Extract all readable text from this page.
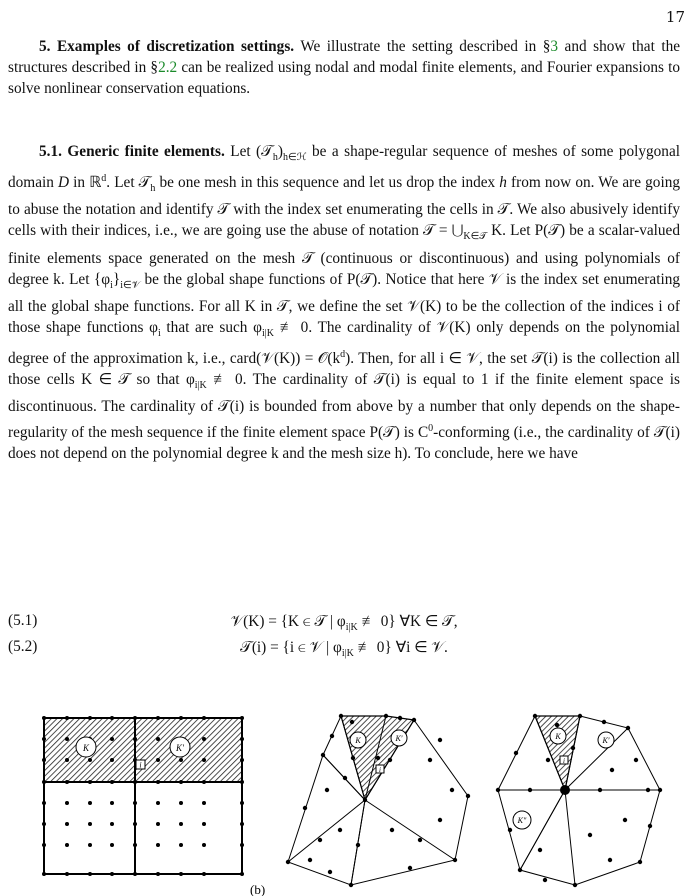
17

5. Examples of discretization settings. We illustrate the setting described in §3 and show that the structures described in §2.2 can be realized using nodal and modal finite elements, and Fourier expansions to solve nonlinear conservation equations.

5.1. Generic finite elements. Let $(𝒯_h)_{h\in ℋ}$ be a shape-regular sequence of meshes of some polygonal domain D in ℝ$^d$. Let 𝒯$_h$ be one mesh in this sequence and let us drop the index h from now on. We are going to abuse the notation and identify 𝒯 with the index set enumerating the cells in 𝒯. We also abusively identify cells with their indices, i.e., we are going use the abuse of notation 𝒯 = $⋃_{K\in 𝒯}$ K. Let P(𝒯) be a scalar-valued finite elements space generated on the mesh 𝒯 (continuous or discontinuous) and using polynomials of degree k. Let $\{\varphi_i\}_{i\in 𝒱}$ be the global shape functions of P(𝒯). Notice that here 𝒱 is the index set enumerating all the global shape functions. For all K in 𝒯, we define the set 𝒱(K) to be the collection of the indices i of those shape functions $\varphi_i$ that are such $\varphi_{i|K}$ ≢ 0. The cardinality of 𝒱(K) only depends on the polynomial degree of the approximation k, i.e., card(𝒱(K)) = $𝒪(k^d)$. Then, for all i ∈ 𝒱, the set 𝒯(i) is the collection all those cells K ∈ 𝒯 so that $\varphi_{i|K}$ ≢ 0. The cardinality of 𝒯(i) is equal to 1 if the finite element space is discontinuous. The cardinality of 𝒯(i) is bounded from above by a number that only depends on the shape-regularity of the mesh sequence if the finite element space P(𝒯) is $C^0$-conforming (i.e., the cardinality of 𝒯(i) does not depend on the polynomial degree k and the mesh size h). To conclude, here we have

(5.1)	𝒱(K) = {K ∈ 𝒯 | $\varphi_{i|K}$ ≢ 0} ∀K ∈ 𝒯,
(5.2)	𝒯(i) = {i ∈ 𝒱 | $\varphi_{i|K}$ ≢ 0} ∀i ∈ 𝒱.
K	K′
i
K	K′
i
K	K′
K″
i
(b)
